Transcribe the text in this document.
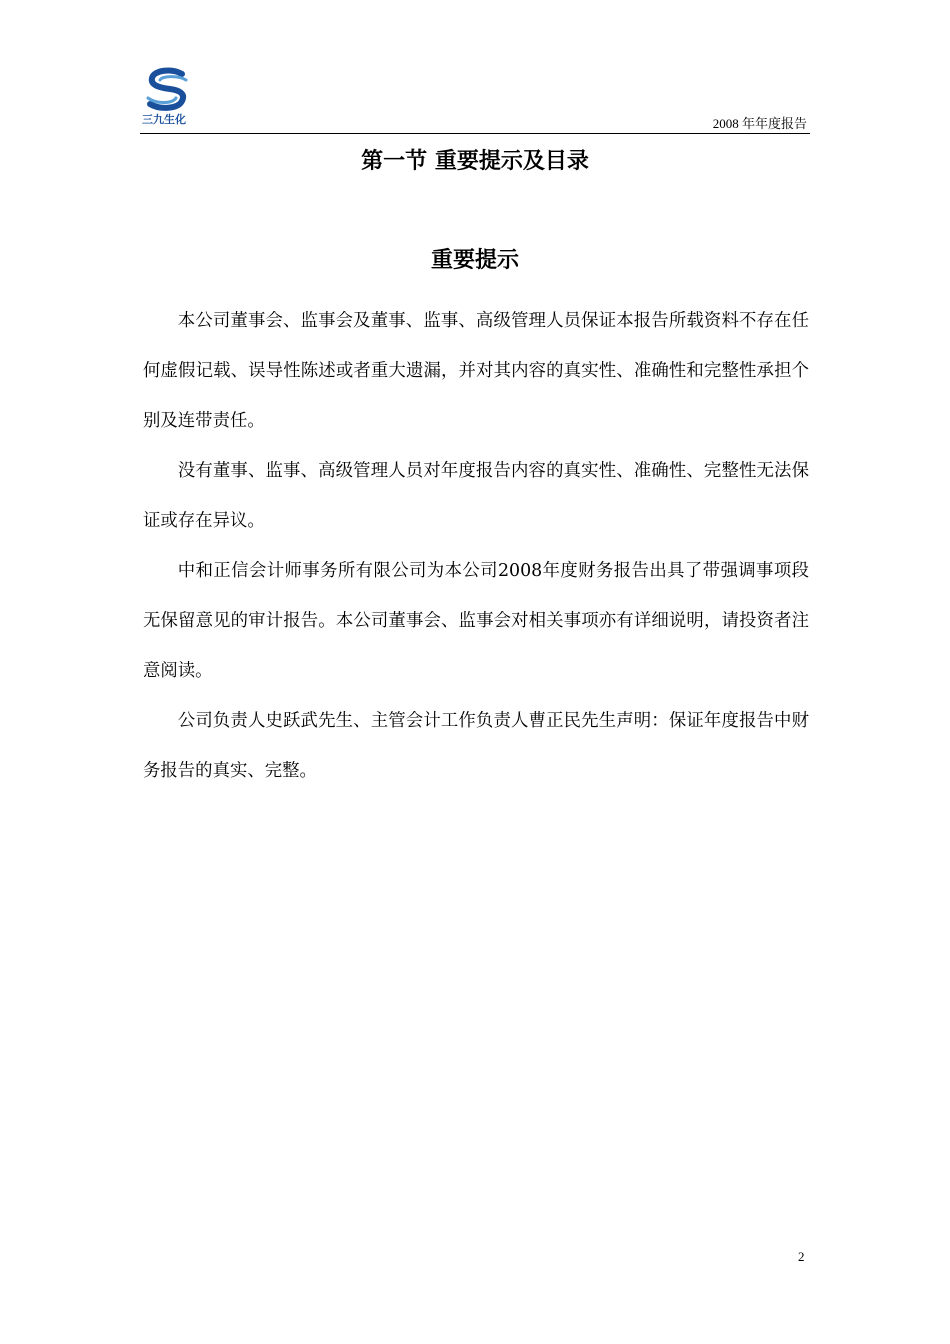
三九生化	2008 年年度报告
第一节 重要提示及目录
重要提示

本公司董事会、监事会及董事、监事、高级管理人员保证本报告所载资料不存在任何虚假记载、误导性陈述或者重大遗漏，并对其内容的真实性、准确性和完整性承担个别及连带责任。

没有董事、监事、高级管理人员对年度报告内容的真实性、准确性、完整性无法保证或存在异议。

中和正信会计师事务所有限公司为本公司2008年度财务报告出具了带强调事项段无保留意见的审计报告。本公司董事会、监事会对相关事项亦有详细说明，请投资者注意阅读。

公司负责人史跃武先生、主管会计工作负责人曹正民先生声明：保证年度报告中财务报告的真实、完整。

2
